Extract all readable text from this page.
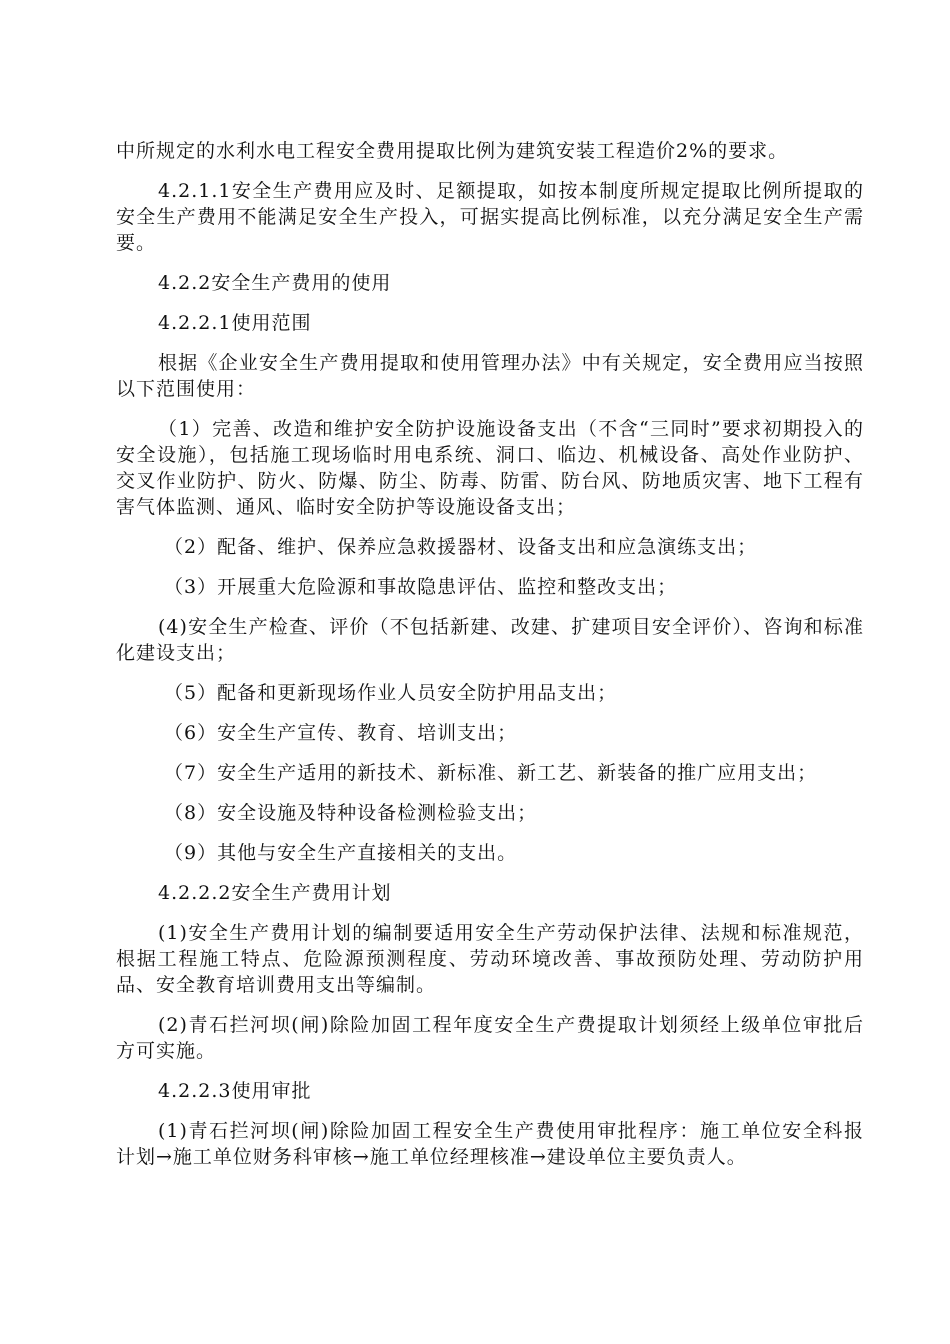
中所规定的水利水电工程安全费用提取比例为建筑安装工程造价2%的要求。

4.2.1.1安全生产费用应及时、足额提取，如按本制度所规定提取比例所提取的安全生产费用不能满足安全生产投入，可据实提高比例标准，以充分满足安全生产需要。

4.2.2安全生产费用的使用

4.2.2.1使用范围

根据《企业安全生产费用提取和使用管理办法》中有关规定，安全费用应当按照以下范围使用：

（1）完善、改造和维护安全防护设施设备支出（不含“三同时”要求初期投入的安全设施），包括施工现场临时用电系统、洞口、临边、机械设备、高处作业防护、交叉作业防护、防火、防爆、防尘、防毒、防雷、防台风、防地质灾害、地下工程有害气体监测、通风、临时安全防护等设施设备支出；

（2）配备、维护、保养应急救援器材、设备支出和应急演练支出；

（3）开展重大危险源和事故隐患评估、监控和整改支出；

(4)安全生产检查、评价（不包括新建、改建、扩建项目安全评价）、咨询和标准化建设支出；

（5）配备和更新现场作业人员安全防护用品支出；

（6）安全生产宣传、教育、培训支出；

（7）安全生产适用的新技术、新标准、新工艺、新装备的推广应用支出；

（8）安全设施及特种设备检测检验支出；

（9）其他与安全生产直接相关的支出。

4.2.2.2安全生产费用计划

(1)安全生产费用计划的编制要适用安全生产劳动保护法律、法规和标准规范，根据工程施工特点、危险源预测程度、劳动环境改善、事故预防处理、劳动防护用品、安全教育培训费用支出等编制。

(2)青石拦河坝(闸)除险加固工程年度安全生产费提取计划须经上级单位审批后方可实施。

4.2.2.3使用审批

(1)青石拦河坝(闸)除险加固工程安全生产费使用审批程序：施工单位安全科报计划→施工单位财务科审核→施工单位经理核准→建设单位主要负责人。
